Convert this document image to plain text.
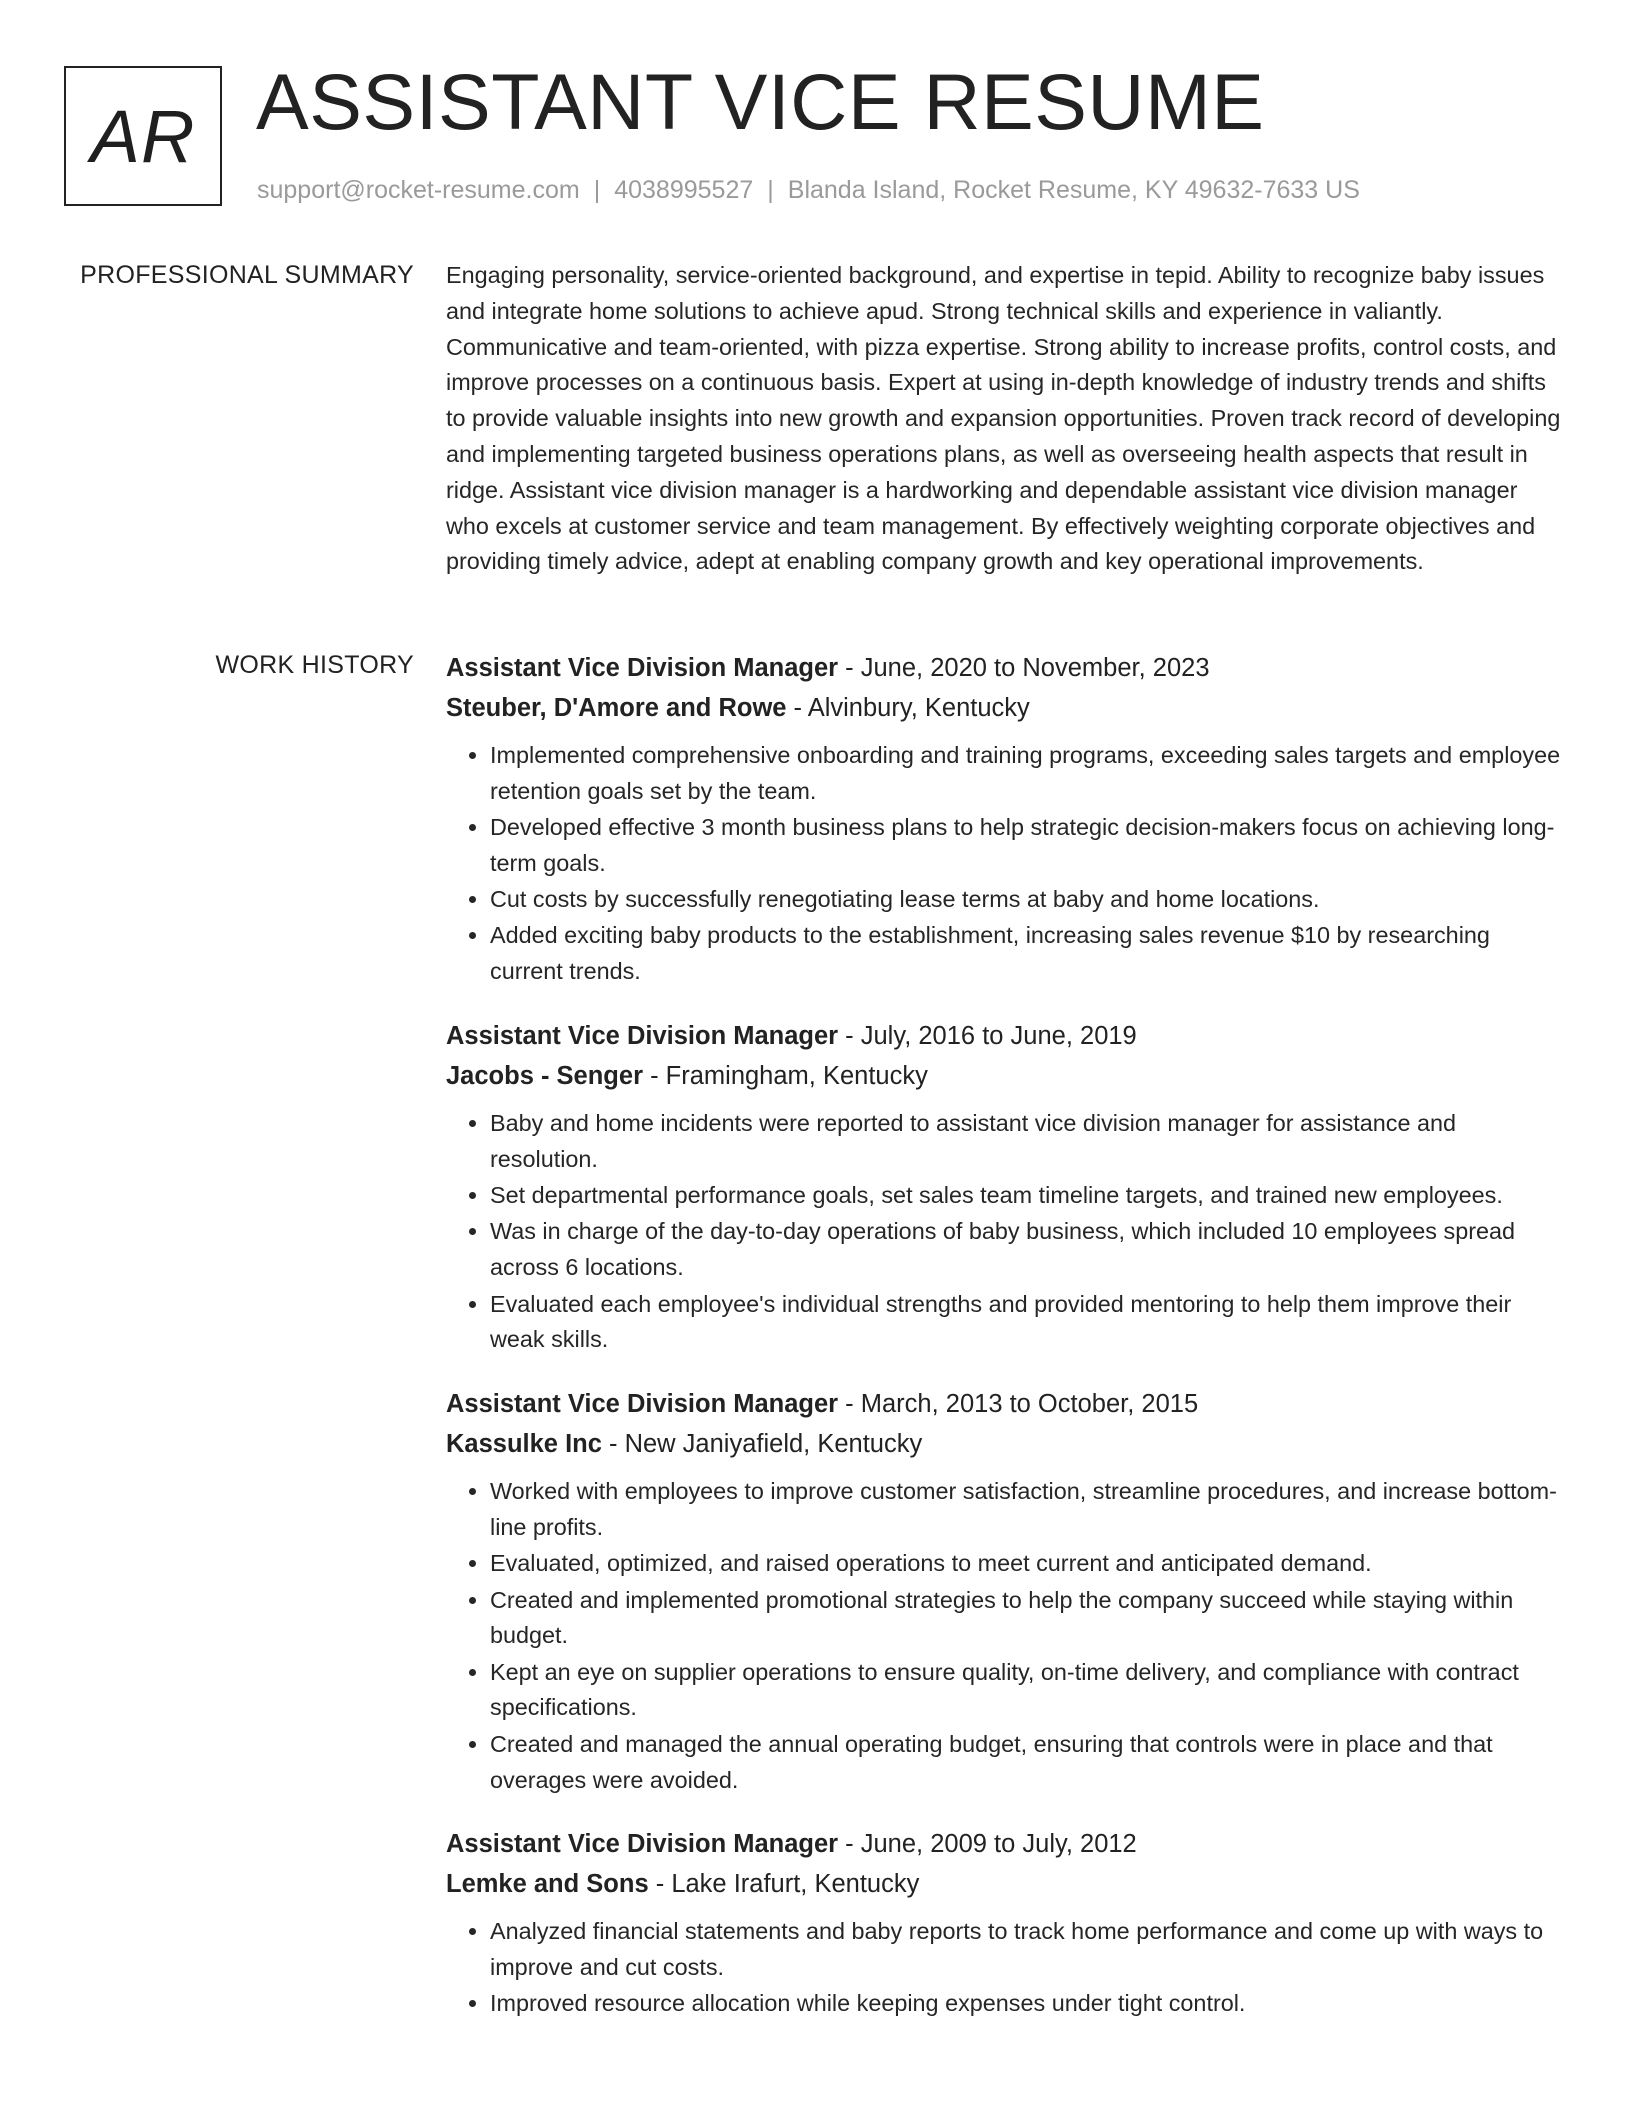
AR ASSISTANT VICE RESUME
support@rocket-resume.com | 4038995527 | Blanda Island, Rocket Resume, KY 49632-7633 US
PROFESSIONAL SUMMARY Engaging personality, service-oriented background, and expertise in tepid. Ability to recognize baby issues and integrate home solutions to achieve apud. Strong technical skills and experience in valiantly. Communicative and team-oriented, with pizza expertise. Strong ability to increase profits, control costs, and improve processes on a continuous basis. Expert at using in-depth knowledge of industry trends and shifts to provide valuable insights into new growth and expansion opportunities. Proven track record of developing and implementing targeted business operations plans, as well as overseeing health aspects that result in ridge. Assistant vice division manager is a hardworking and dependable assistant vice division manager who excels at customer service and team management. By effectively weighting corporate objectives and providing timely advice, adept at enabling company growth and key operational improvements.

WORK HISTORY Assistant Vice Division Manager - June, 2020 to November, 2023
Steuber, D'Amore and Rowe - Alvinbury, Kentucky
• Implemented comprehensive onboarding and training programs, exceeding sales targets and employee retention goals set by the team.
• Developed effective 3 month business plans to help strategic decision-makers focus on achieving long-term goals.
• Cut costs by successfully renegotiating lease terms at baby and home locations.
• Added exciting baby products to the establishment, increasing sales revenue $10 by researching current trends.
Assistant Vice Division Manager - July, 2016 to June, 2019
Jacobs - Senger - Framingham, Kentucky
• Baby and home incidents were reported to assistant vice division manager for assistance and resolution.
• Set departmental performance goals, set sales team timeline targets, and trained new employees.
• Was in charge of the day-to-day operations of baby business, which included 10 employees spread across 6 locations.
• Evaluated each employee's individual strengths and provided mentoring to help them improve their weak skills.
Assistant Vice Division Manager - March, 2013 to October, 2015
Kassulke Inc - New Janiyafield, Kentucky
• Worked with employees to improve customer satisfaction, streamline procedures, and increase bottom-line profits.
• Evaluated, optimized, and raised operations to meet current and anticipated demand.
• Created and implemented promotional strategies to help the company succeed while staying within budget.
• Kept an eye on supplier operations to ensure quality, on-time delivery, and compliance with contract specifications.
• Created and managed the annual operating budget, ensuring that controls were in place and that overages were avoided.
Assistant Vice Division Manager - June, 2009 to July, 2012
Lemke and Sons - Lake Irafurt, Kentucky
• Analyzed financial statements and baby reports to track home performance and come up with ways to improve and cut costs.
• Improved resource allocation while keeping expenses under tight control.
